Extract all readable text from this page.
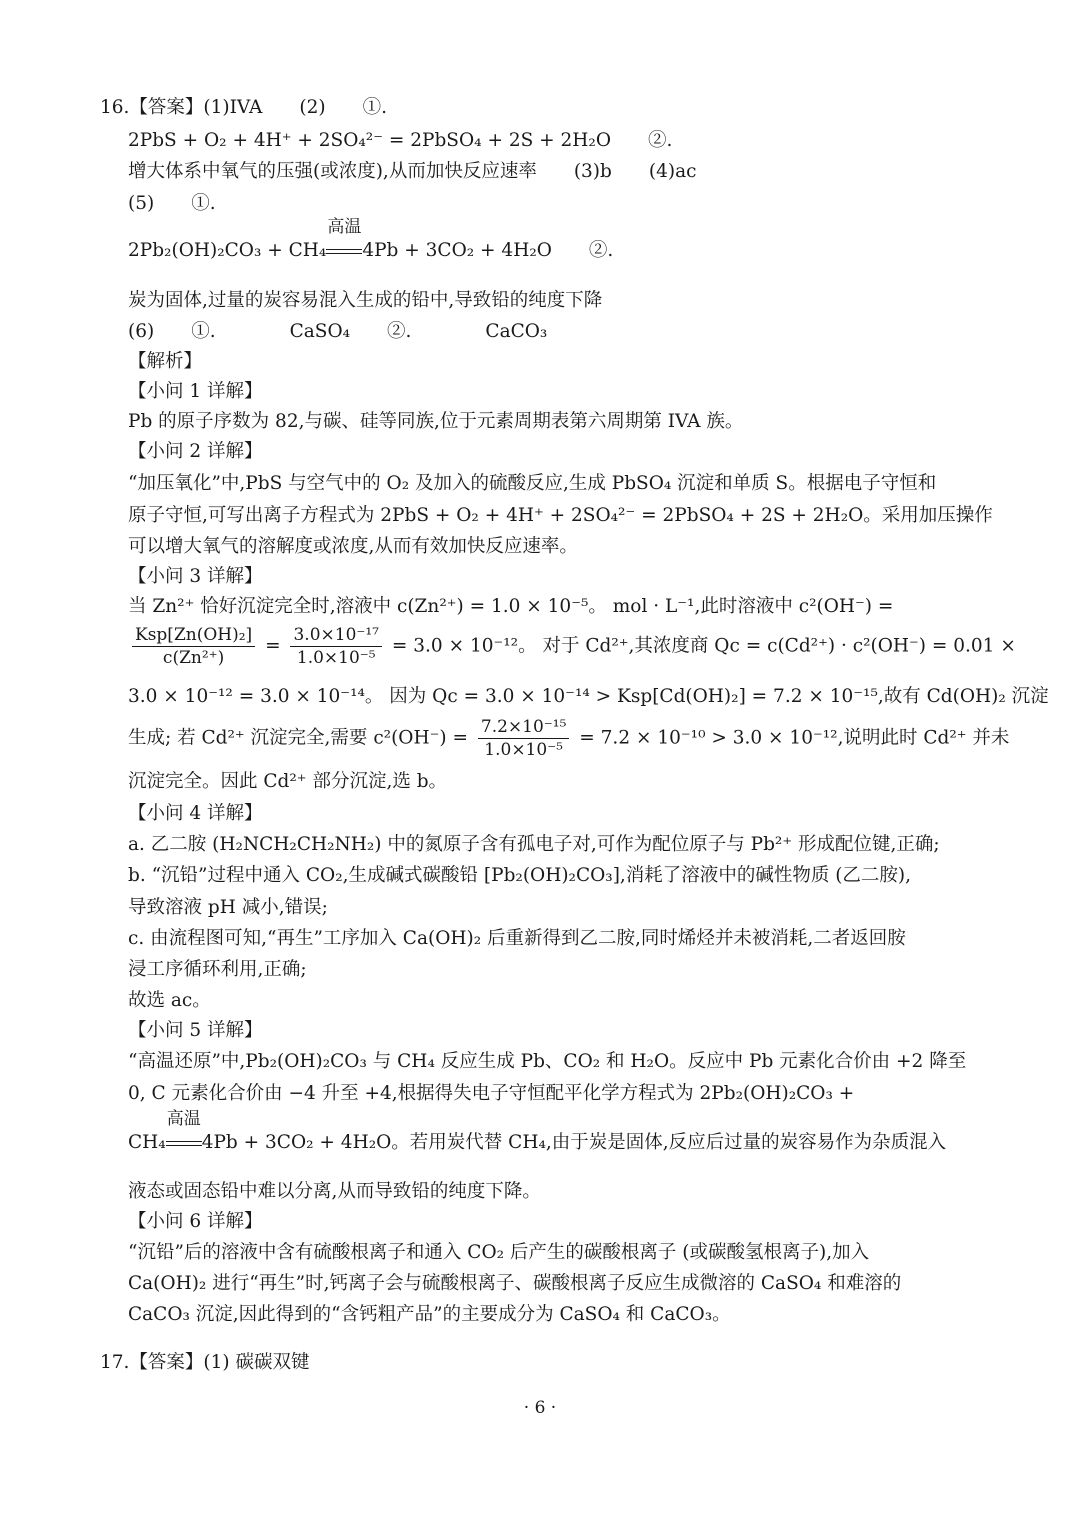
16.【答案】(1)IVA　　(2)　　①.
2PbS + O₂ + 4H⁺ + 2SO₄²⁻ = 2PbSO₄ + 2S + 2H₂O　　②.
增大体系中氧气的压强(或浓度),从而加快反应速率　　(3)b　　(4)ac
(5)　　①.
2Pb₂(OH)₂CO₃ + CH₄
高温
4Pb + 3CO₂ + 4H₂O　　②.
炭为固体,过量的炭容易混入生成的铅中,导致铅的纯度下降
(6)　　①.　　　　CaSO₄　　②.　　　　CaCO₃
【解析】
【小问 1 详解】
Pb 的原子序数为 82,与碳、硅等同族,位于元素周期表第六周期第 IVA 族。
【小问 2 详解】
“加压氧化”中,PbS 与空气中的 O₂ 及加入的硫酸反应,生成 PbSO₄ 沉淀和单质 S。根据电子守恒和
原子守恒,可写出离子方程式为 2PbS + O₂ + 4H⁺ + 2SO₄²⁻ = 2PbSO₄ + 2S + 2H₂O。采用加压操作
可以增大氧气的溶解度或浓度,从而有效加快反应速率。
【小问 3 详解】
当 Zn²⁺ 恰好沉淀完全时,溶液中 c(Zn²⁺) = 1.0 × 10⁻⁵。 mol · L⁻¹,此时溶液中 c²(OH⁻) =
$\frac{\text{Ksp[Zn(OH)₂]}}{\text{c(Zn²⁺)}} = \frac{\text{3.0×10⁻¹⁷}}{\text{1.0×10⁻⁵}} = 3.0 \times 10^{-12}$。 对于 Cd²⁺,其浓度商 Qc = c(Cd²⁺) · c²(OH⁻) = 0.01 ×
3.0 × 10⁻¹² = 3.0 × 10⁻¹⁴。 因为 Qc = 3.0 × 10⁻¹⁴ > Ksp[Cd(OH)₂] = 7.2 × 10⁻¹⁵,故有 Cd(OH)₂ 沉淀
生成; 若 Cd²⁺ 沉淀完全,需要 $c^2(OH^-) = \frac{\text{7.2×10⁻¹⁵}}{\text{1.0×10⁻⁵}} = 7.2 \times 10^{-10} > 3.0 \times 10^{-12}$,说明此时 Cd²⁺ 并未
沉淀完全。因此 Cd²⁺ 部分沉淀,选 b。
【小问 4 详解】
a. 乙二胺 (H₂NCH₂CH₂NH₂) 中的氮原子含有孤电子对,可作为配位原子与 Pb²⁺ 形成配位键,正确;
b. “沉铅”过程中通入 CO₂,生成碱式碳酸铅 [Pb₂(OH)₂CO₃],消耗了溶液中的碱性物质 (乙二胺),
导致溶液 pH 减小,错误;
c. 由流程图可知,“再生”工序加入 Ca(OH)₂ 后重新得到乙二胺,同时烯烃并未被消耗,二者返回胺
浸工序循环利用,正确;
故选 ac。
【小问 5 详解】
“高温还原”中,Pb₂(OH)₂CO₃ 与 CH₄ 反应生成 Pb、CO₂ 和 H₂O。反应中 Pb 元素化合价由 +2 降至
0, C 元素化合价由 −4 升至 +4,根据得失电子守恒配平化学方程式为 2Pb₂(OH)₂CO₃ +
CH₄
高温
4Pb + 3CO₂ + 4H₂O。若用炭代替 CH₄,由于炭是固体,反应后过量的炭容易作为杂质混入
液态或固态铅中难以分离,从而导致铅的纯度下降。
【小问 6 详解】
“沉铅”后的溶液中含有硫酸根离子和通入 CO₂ 后产生的碳酸根离子 (或碳酸氢根离子),加入
Ca(OH)₂ 进行“再生”时,钙离子会与硫酸根离子、碳酸根离子反应生成微溶的 CaSO₄ 和难溶的
CaCO₃ 沉淀,因此得到的“含钙粗产品”的主要成分为 CaSO₄ 和 CaCO₃。
17.【答案】(1) 碳碳双键
· 6 ·
